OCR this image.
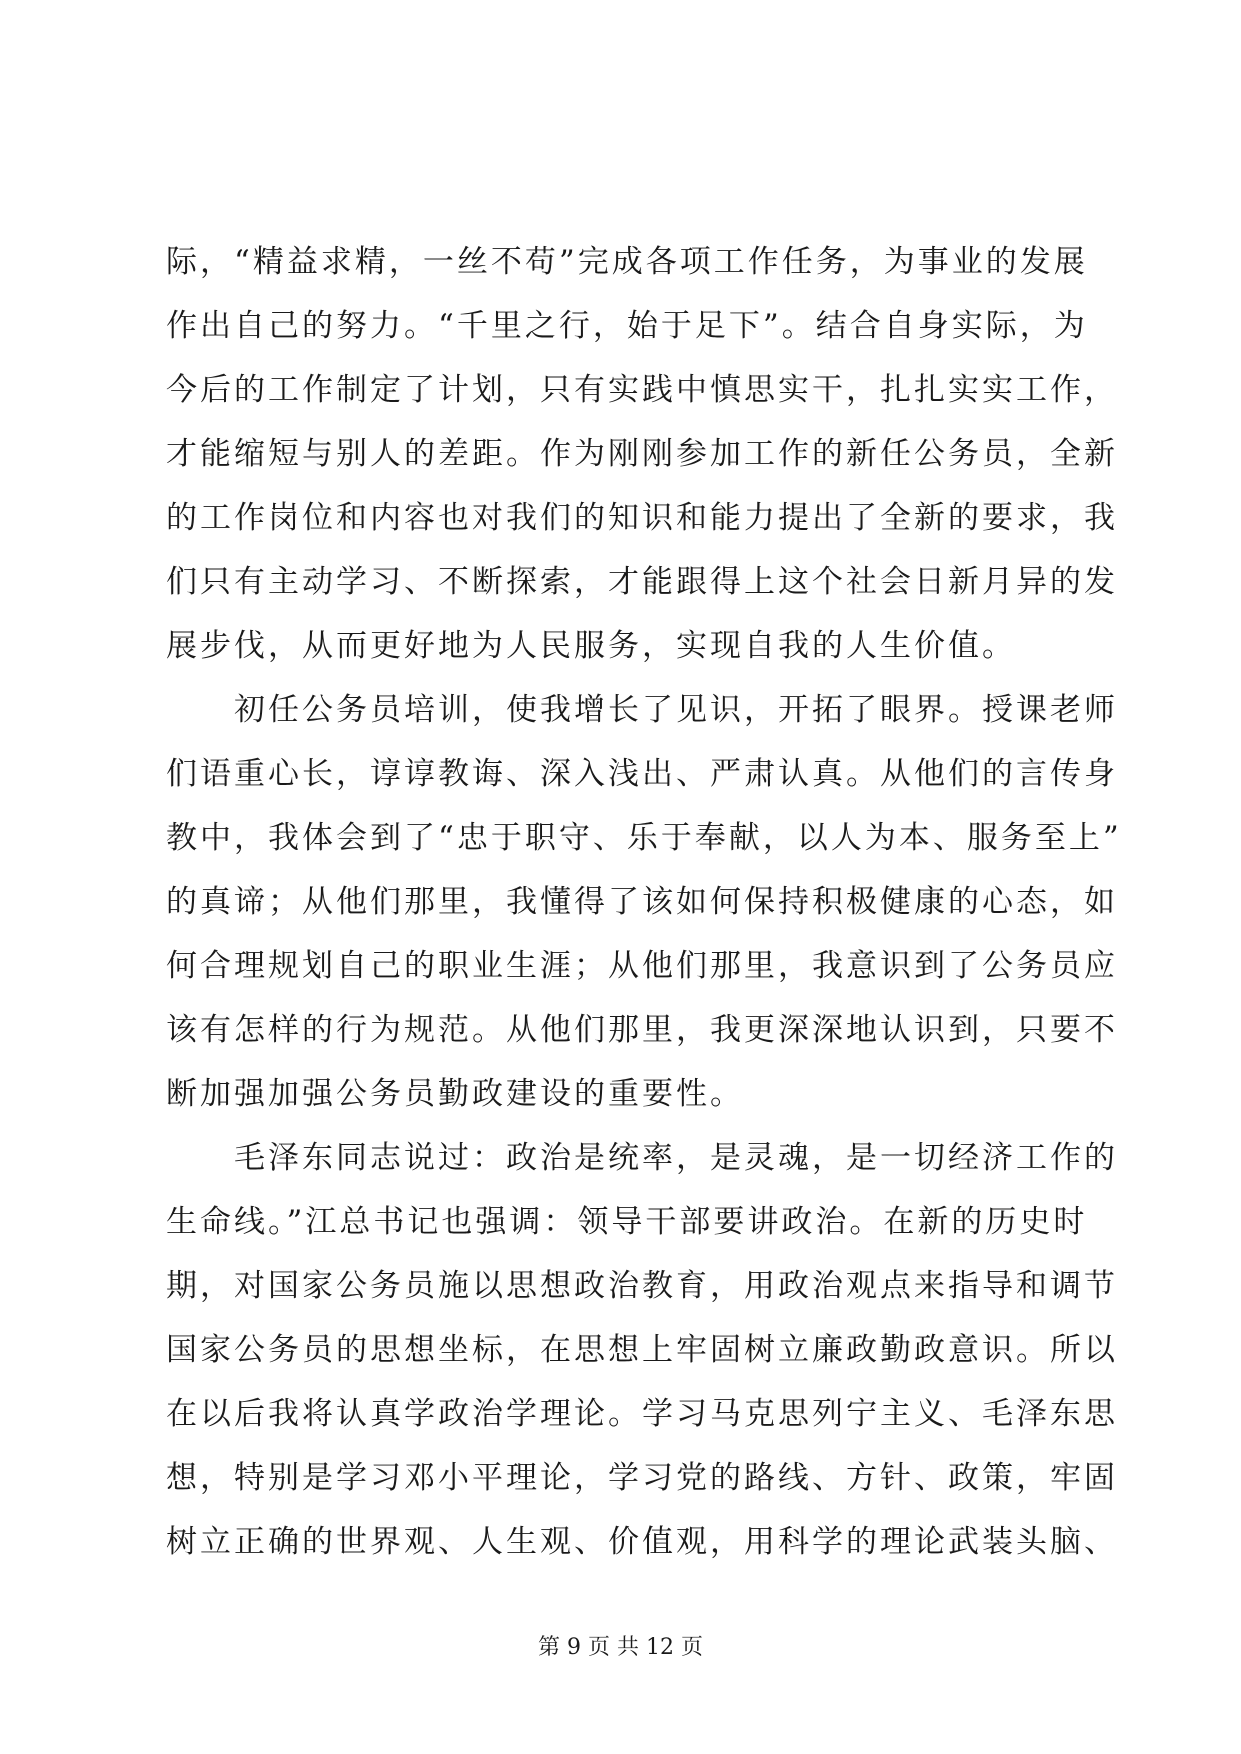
际，“精益求精，一丝不苟”完成各项工作任务，为事业的发展
作出自己的努力。“千里之行，始于足下”。结合自身实际，为
今后的工作制定了计划，只有实践中慎思实干，扎扎实实工作，
才能缩短与别人的差距。作为刚刚参加工作的新任公务员，全新
的工作岗位和内容也对我们的知识和能力提出了全新的要求，我
们只有主动学习、不断探索，才能跟得上这个社会日新月异的发
展步伐，从而更好地为人民服务，实现自我的人生价值。
　　初任公务员培训，使我增长了见识，开拓了眼界。授课老师
们语重心长，谆谆教诲、深入浅出、严肃认真。从他们的言传身
教中，我体会到了“忠于职守、乐于奉献，以人为本、服务至上”
的真谛；从他们那里，我懂得了该如何保持积极健康的心态，如
何合理规划自己的职业生涯；从他们那里，我意识到了公务员应
该有怎样的行为规范。从他们那里，我更深深地认识到，只要不
断加强加强公务员勤政建设的重要性。
　　毛泽东同志说过：政治是统率，是灵魂，是一切经济工作的
生命线。”江总书记也强调：领导干部要讲政治。在新的历史时
期，对国家公务员施以思想政治教育，用政治观点来指导和调节
国家公务员的思想坐标，在思想上牢固树立廉政勤政意识。所以
在以后我将认真学政治学理论。学习马克思列宁主义、毛泽东思
想，特别是学习邓小平理论，学习党的路线、方针、政策，牢固
树立正确的世界观、人生观、价值观，用科学的理论武装头脑、
第 9 页 共 12 页
